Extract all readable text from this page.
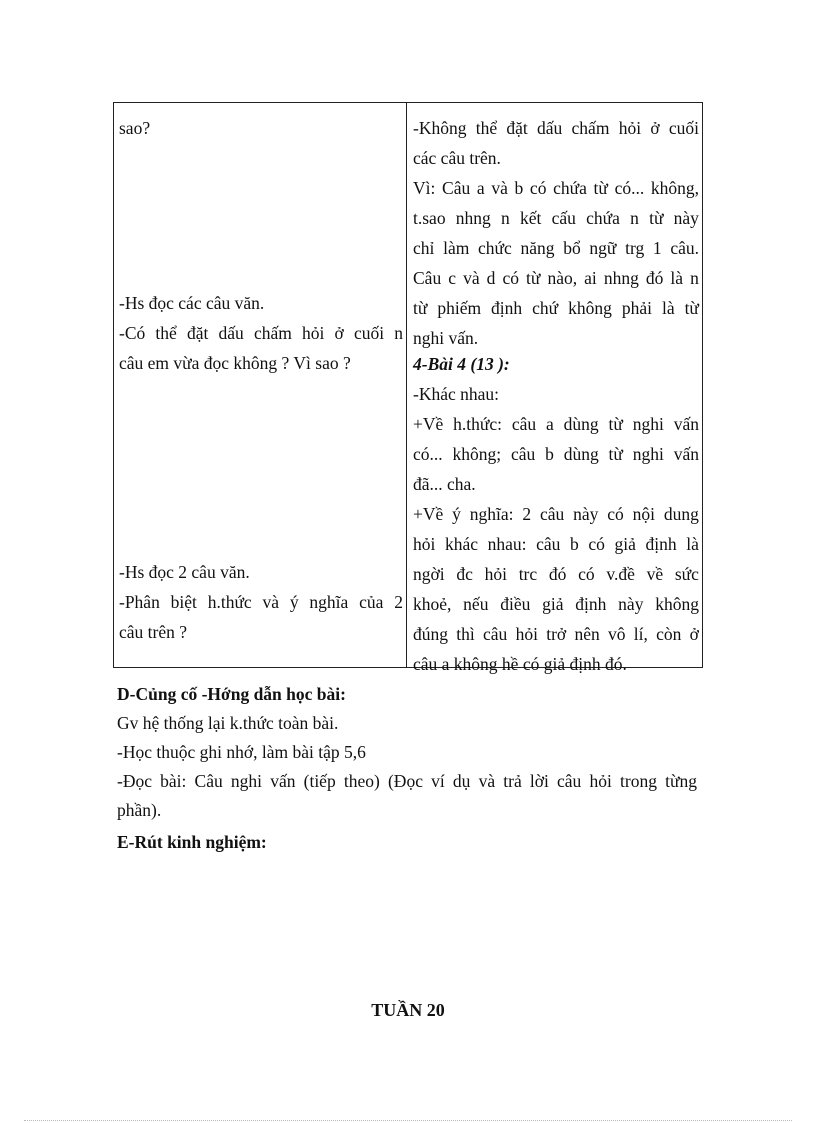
sao?
-Hs đọc các câu văn.
-Có thể đặt dấu chấm hỏi ở cuối n
câu em vừa đọc không ? Vì sao ?
-Hs đọc 2 câu văn.
-Phân biệt h.thức và ý nghĩa của 2
câu trên ?
-Không thể đặt dấu chấm hỏi ở cuối
các câu trên.
Vì: Câu a và b có chứa từ có... không,
t.sao nhng n kết cấu chứa n từ này
chỉ làm chức năng bổ ngữ trg 1 câu.
Câu c và d có từ nào, ai nhng đó là n
từ phiếm định chứ không phải là từ
nghi vấn.
4-Bài 4 (13 ):
-Khác nhau:
+Về h.thức: câu a dùng từ nghi vấn
có... không; câu b dùng từ nghi vấn
đã... cha.
+Về ý nghĩa: 2 câu này có nội dung
hỏi khác nhau: câu b có giả định là
ngời đc hỏi trc đó có v.đề về sức
khoẻ, nếu điều giả định này không
đúng thì câu hỏi trở nên vô lí, còn ở
câu a không hề có giả định đó.
D-Củng cố -Hớng dẫn học bài:
Gv hệ thống lại k.thức toàn bài.
-Học thuộc ghi nhớ, làm bài tập 5,6
-Đọc bài: Câu nghi vấn (tiếp theo) (Đọc ví dụ và trả lời câu hỏi trong từng
phần).
E-Rút kinh nghiệm:
TUẦN 20
